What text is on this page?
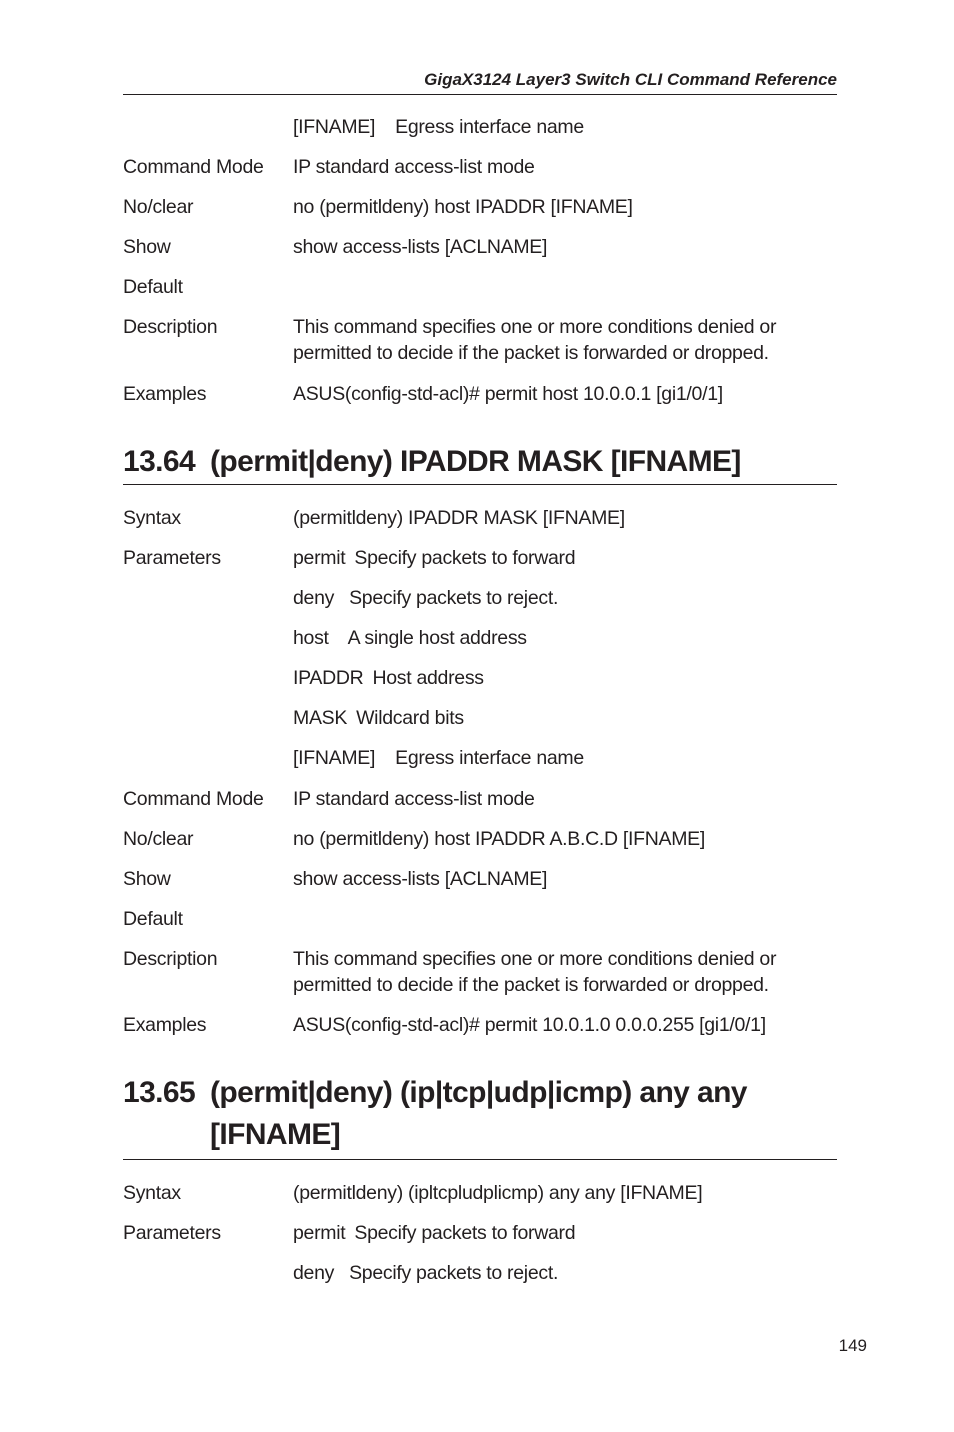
GigaX3124 Layer3 Switch CLI Command Reference
[IFNAME] Egress interface name
Command Mode	IP standard access-list mode
No/clear	no (permitldeny) host IPADDR [IFNAME]
Show	show access-lists [ACLNAME]
Default
Description	This command specifies one or more conditions denied or
permitted to decide if the packet is forwarded or dropped.
Examples	ASUS(config-std-acl)# permit host 10.0.0.1 [gi1/0/1]
13.64 (permit|deny) IPADDR MASK [IFNAME]
Syntax	(permitldeny) IPADDR MASK [IFNAME]
Parameters	permit Specify packets to forward
deny Specify packets to reject.
host A single host address
IPADDR Host address
MASK Wildcard bits
[IFNAME] Egress interface name
Command Mode	IP standard access-list mode
No/clear	no (permitldeny) host IPADDR A.B.C.D [IFNAME]
Show	show access-lists [ACLNAME]
Default
Description	This command specifies one or more conditions denied or
permitted to decide if the packet is forwarded or dropped.
Examples	ASUS(config-std-acl)# permit 10.0.1.0 0.0.0.255 [gi1/0/1]
13.65 (permit|deny) (ip|tcp|udp|icmp) any any
[IFNAME]
Syntax	(permitldeny) (ipltcpludplicmp) any any [IFNAME]
Parameters	permit Specify packets to forward
deny Specify packets to reject.
149
